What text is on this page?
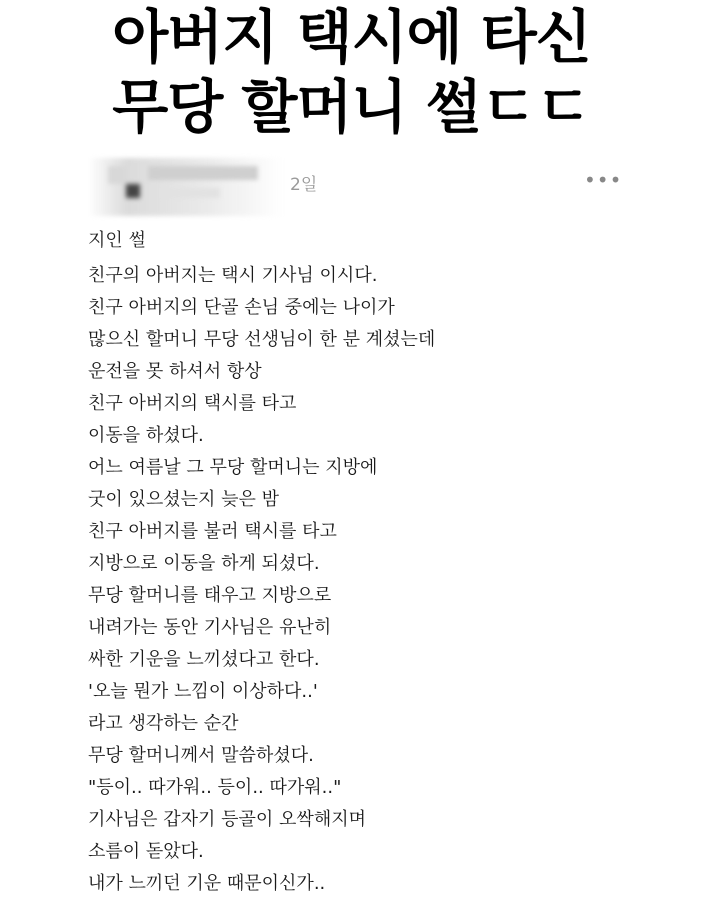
아버지 택시에 타신
무당 할머니 썰ㄷㄷ
2일	•••
지인 썰
친구의 아버지는 택시 기사님 이시다.
친구 아버지의 단골 손님 중에는 나이가
많으신 할머니 무당 선생님이 한 분 계셨는데
운전을 못 하셔서 항상
친구 아버지의 택시를 타고
이동을 하셨다.
어느 여름날 그 무당 할머니는 지방에
굿이 있으셨는지 늦은 밤
친구 아버지를 불러 택시를 타고
지방으로 이동을 하게 되셨다.
무당 할머니를 태우고 지방으로
내려가는 동안 기사님은 유난히
싸한 기운을 느끼셨다고 한다.
'오늘 뭔가 느낌이 이상하다..'
라고 생각하는 순간
무당 할머니께서 말씀하셨다.
"등이.. 따가워.. 등이.. 따가워.."
기사님은 갑자기 등골이 오싹해지며
소름이 돋았다.
내가 느끼던 기운 때문이신가..
